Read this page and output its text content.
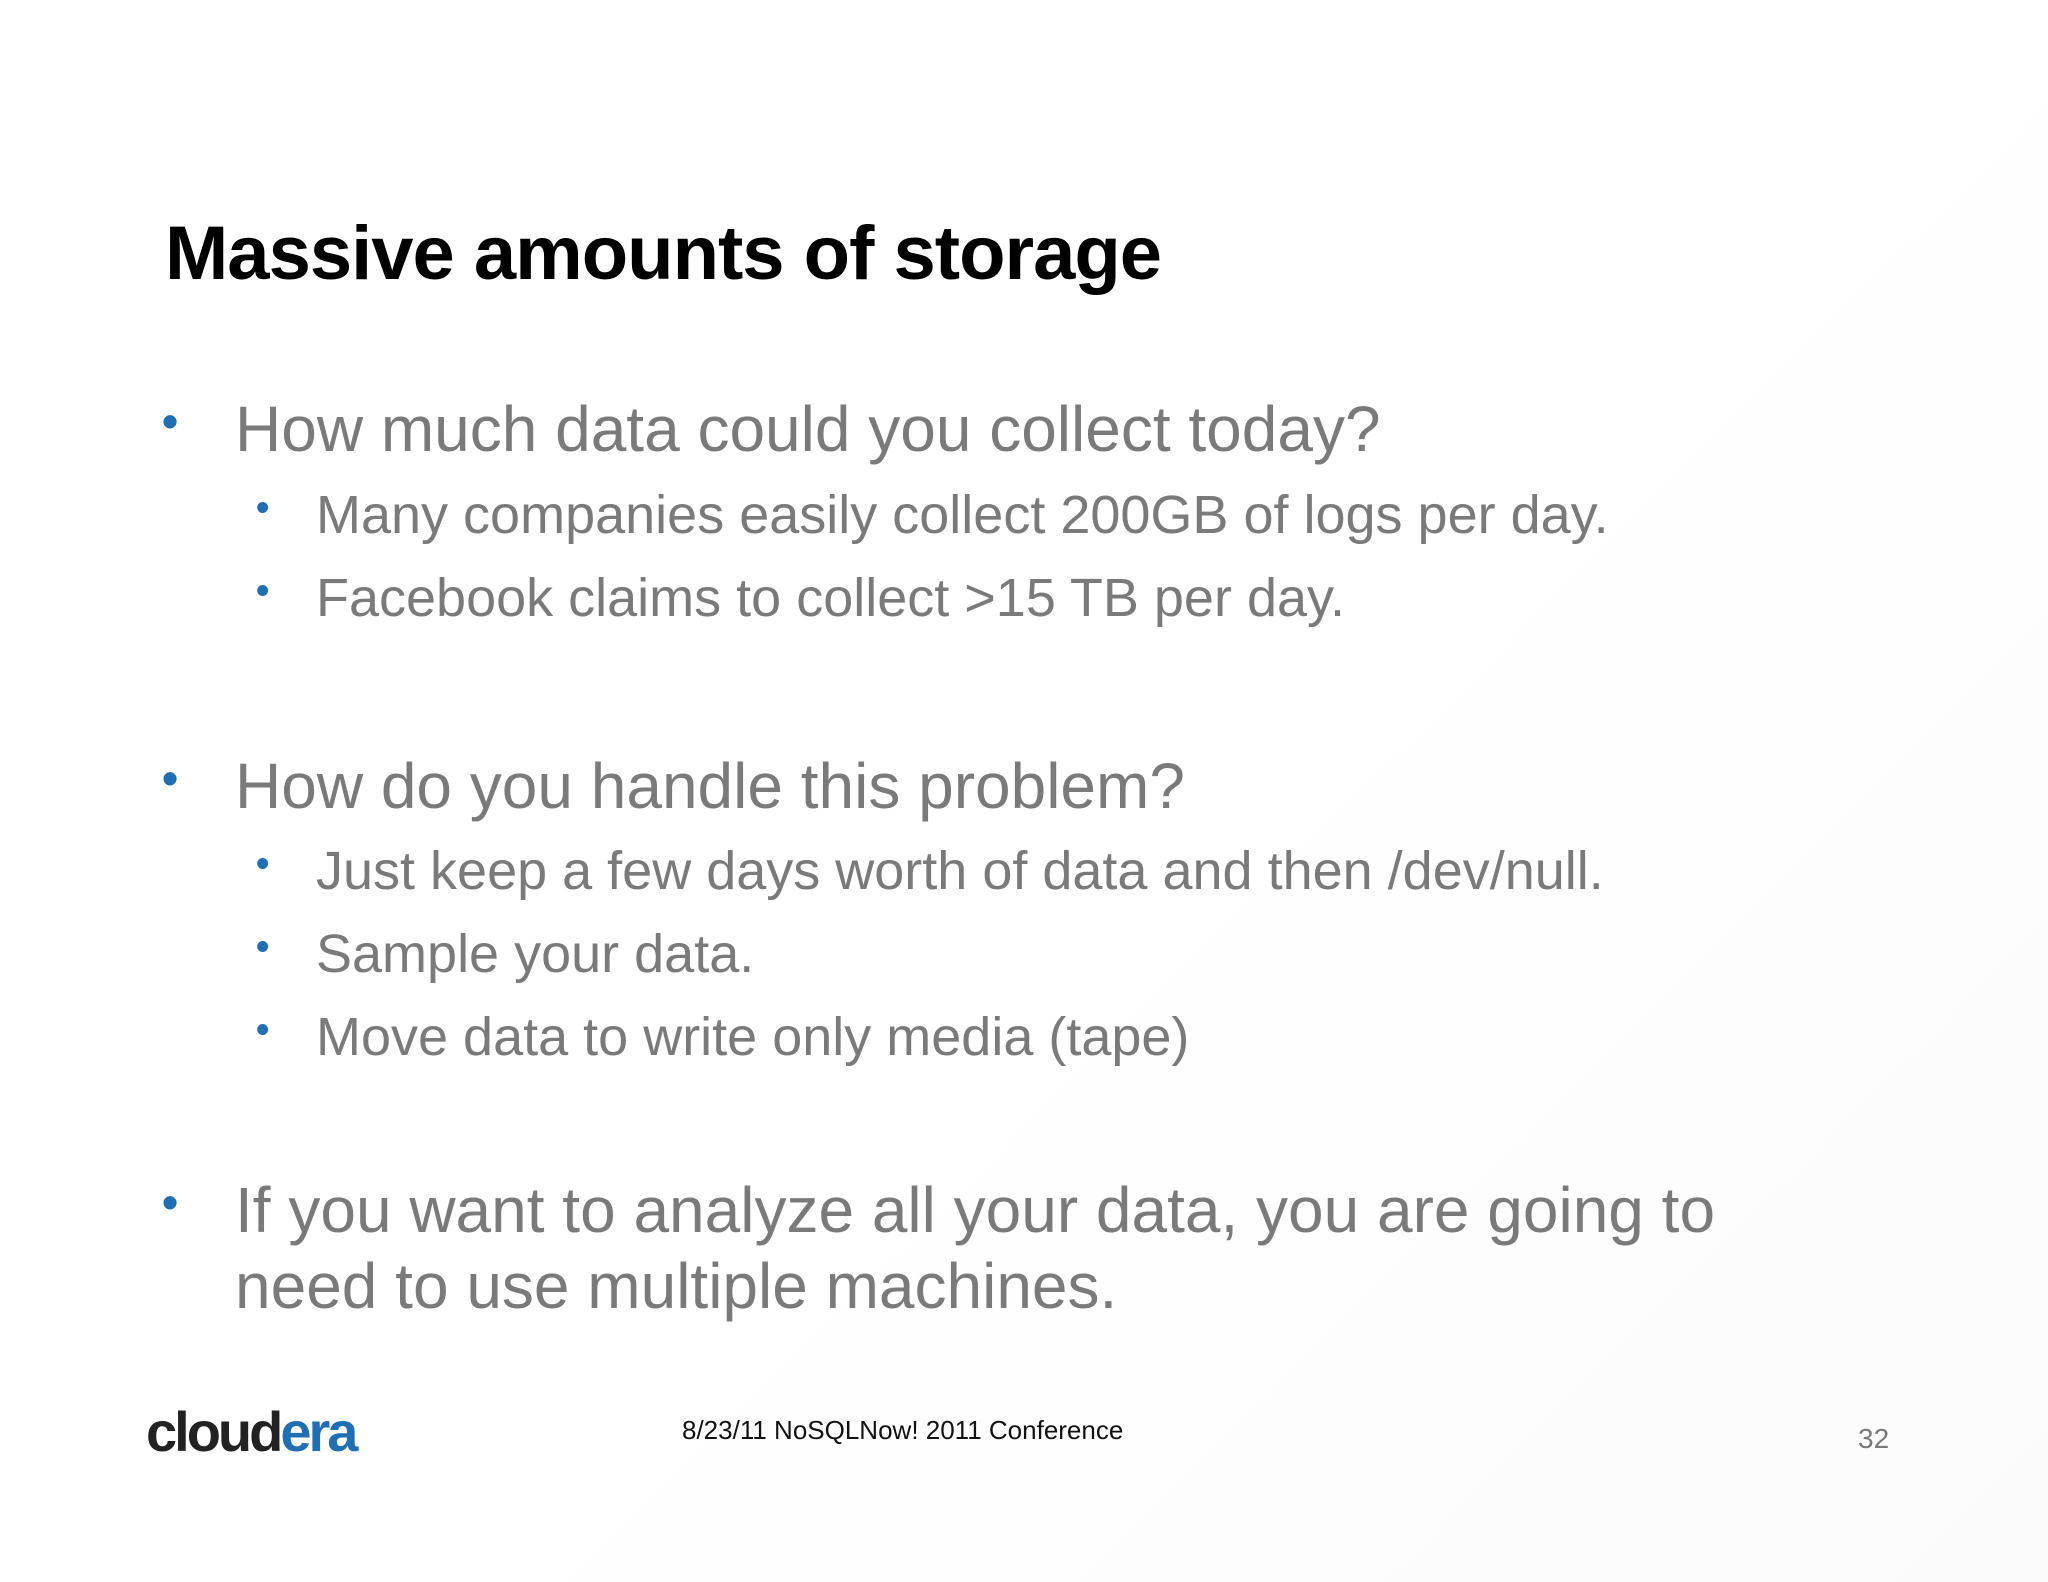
Massive amounts of storage
• How much data could you collect today?
• Many companies easily collect 200GB of logs per day.
• Facebook claims to collect >15 TB per day.
• How do you handle this problem?
• Just keep a few days worth of data and then /dev/null.
• Sample your data.
• Move data to write only media (tape)
• If you want to analyze all your data, you are going to need to use multiple machines.
cloudera	8/23/11 NoSQLNow! 2011 Conference	32
